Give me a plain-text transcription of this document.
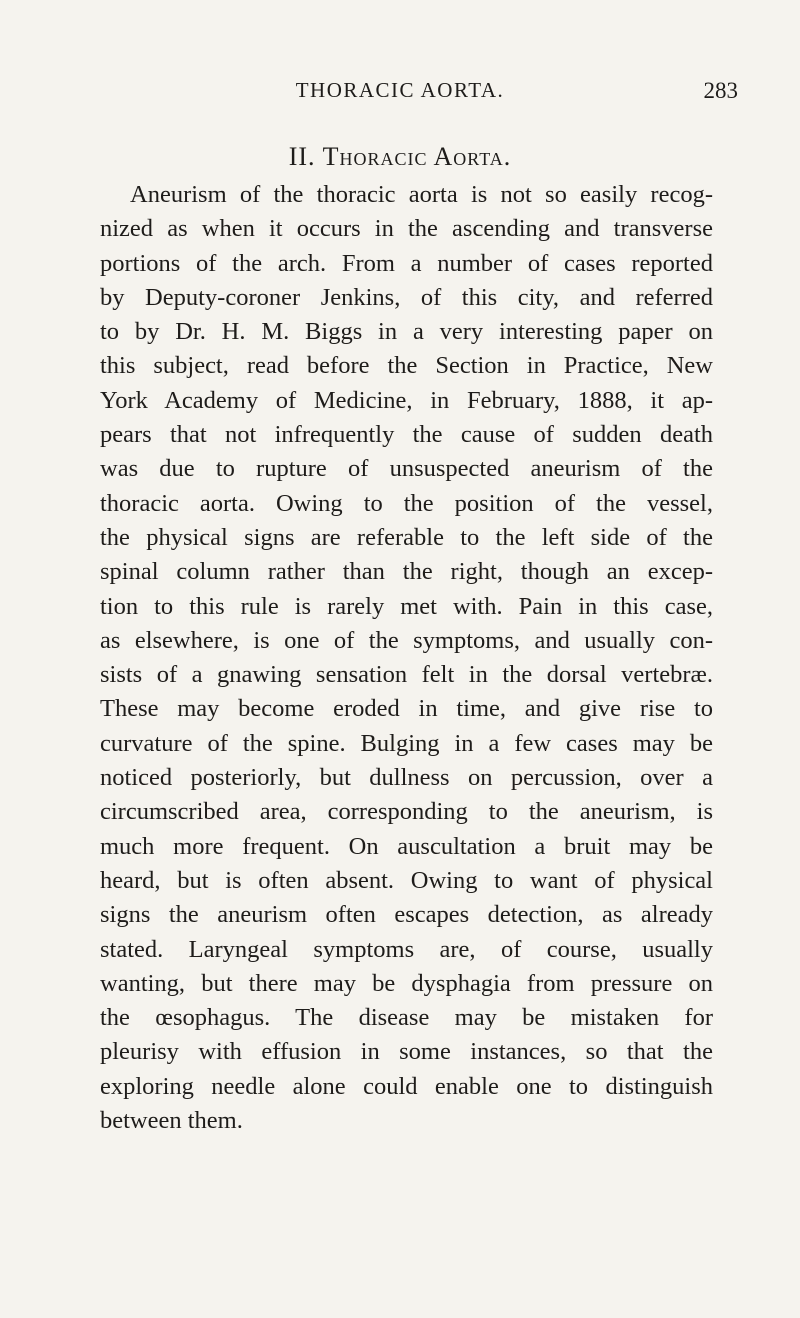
THORACIC AORTA.	283
II. Thoracic Aorta.
Aneurism of the thoracic aorta is not so easily recog-
nized as when it occurs in the ascending and transverse
portions of the arch. From a number of cases reported
by Deputy-coroner Jenkins, of this city, and referred
to by Dr. H. M. Biggs in a very interesting paper on
this subject, read before the Section in Practice, New
York Academy of Medicine, in February, 1888, it ap-
pears that not infrequently the cause of sudden death
was due to rupture of unsuspected aneurism of the
thoracic aorta. Owing to the position of the vessel,
the physical signs are referable to the left side of the
spinal column rather than the right, though an excep-
tion to this rule is rarely met with. Pain in this case,
as elsewhere, is one of the symptoms, and usually con-
sists of a gnawing sensation felt in the dorsal vertebræ.
These may become eroded in time, and give rise to
curvature of the spine. Bulging in a few cases may be
noticed posteriorly, but dullness on percussion, over a
circumscribed area, corresponding to the aneurism, is
much more frequent. On auscultation a bruit may be
heard, but is often absent. Owing to want of physical
signs the aneurism often escapes detection, as already
stated. Laryngeal symptoms are, of course, usually
wanting, but there may be dysphagia from pressure on
the œsophagus. The disease may be mistaken for
pleurisy with effusion in some instances, so that the
exploring needle alone could enable one to distinguish
between them.
